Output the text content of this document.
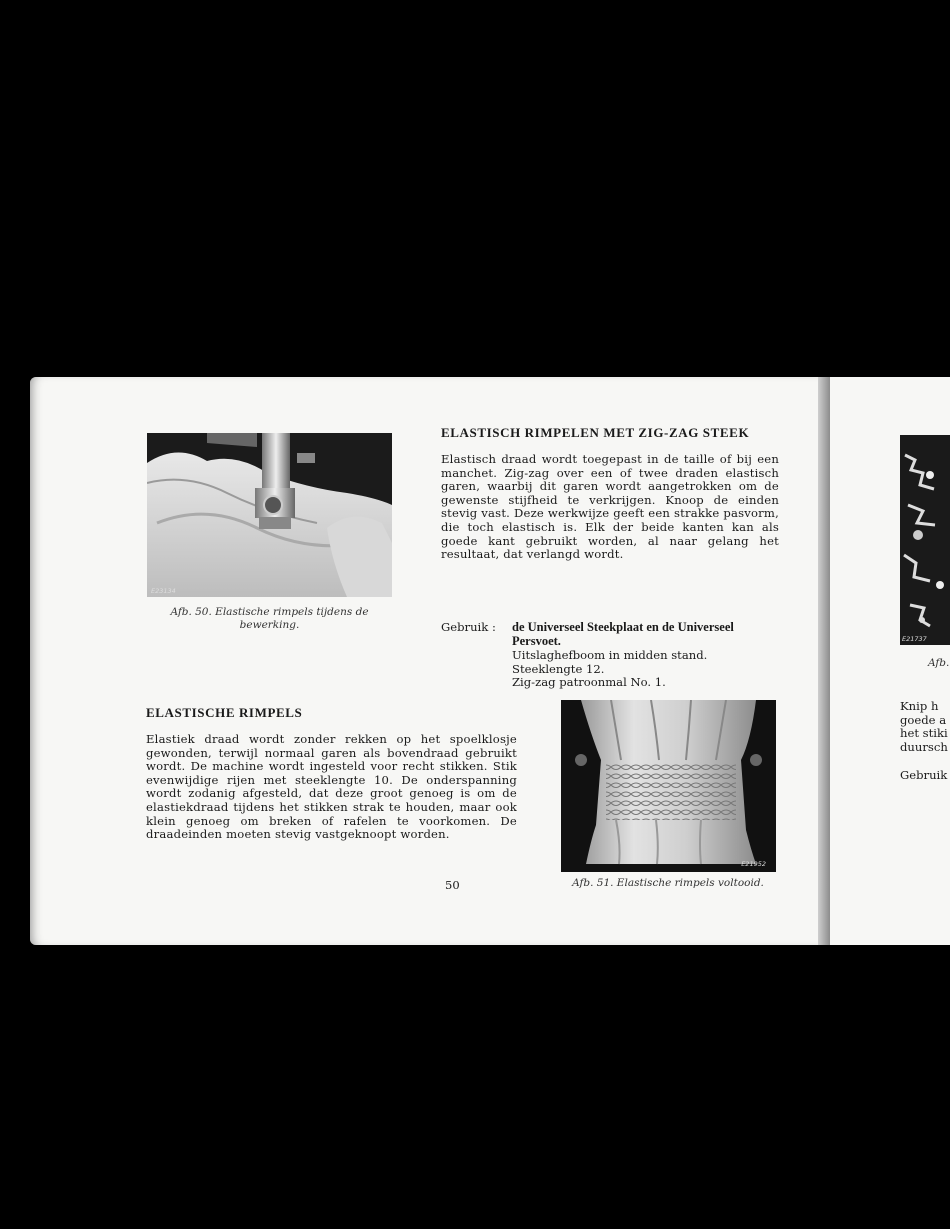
E23134
Afb. 50. Elastische rimpels tijdens de bewerking.
ELASTISCH RIMPELEN MET ZIG-ZAG STEEK

Elastisch draad wordt toegepast in de taille of bij een manchet. Zig-zag over een of twee draden elastisch garen, waarbij dit garen wordt aangetrokken om de gewenste stijfheid te verkrijgen. Knoop de einden stevig vast. Deze werkwijze geeft een strakke pasvorm, die toch elastisch is. Elk der beide kanten kan als goede kant gebruikt worden, al naar gelang het resultaat, dat verlangd wordt.

Gebruik : de Universeel Steekplaat en de Universeel Persvoet.
Uitslaghefboom in midden stand.
Steeklengte 12.
Zig-zag patroonmal No. 1.
ELASTISCHE RIMPELS

Elastiek draad wordt zonder rekken op het spoelklosje gewonden, terwijl normaal garen als bovendraad gebruikt wordt. De machine wordt ingesteld voor recht stikken. Stik evenwijdige rijen met steeklengte 10. De onderspanning wordt zodanig afgesteld, dat deze groot genoeg is om de elastiekdraad tijdens het stikken strak te houden, maar ook klein genoeg om breken of rafelen te voorkomen. De draadeinden moeten stevig vastgeknoopt worden.

E21952
Afb. 51. Elastische rimpels voltooid.
50
E21737
Afb.
Knip h
goede a
het stiki
duursch
Gebruik
